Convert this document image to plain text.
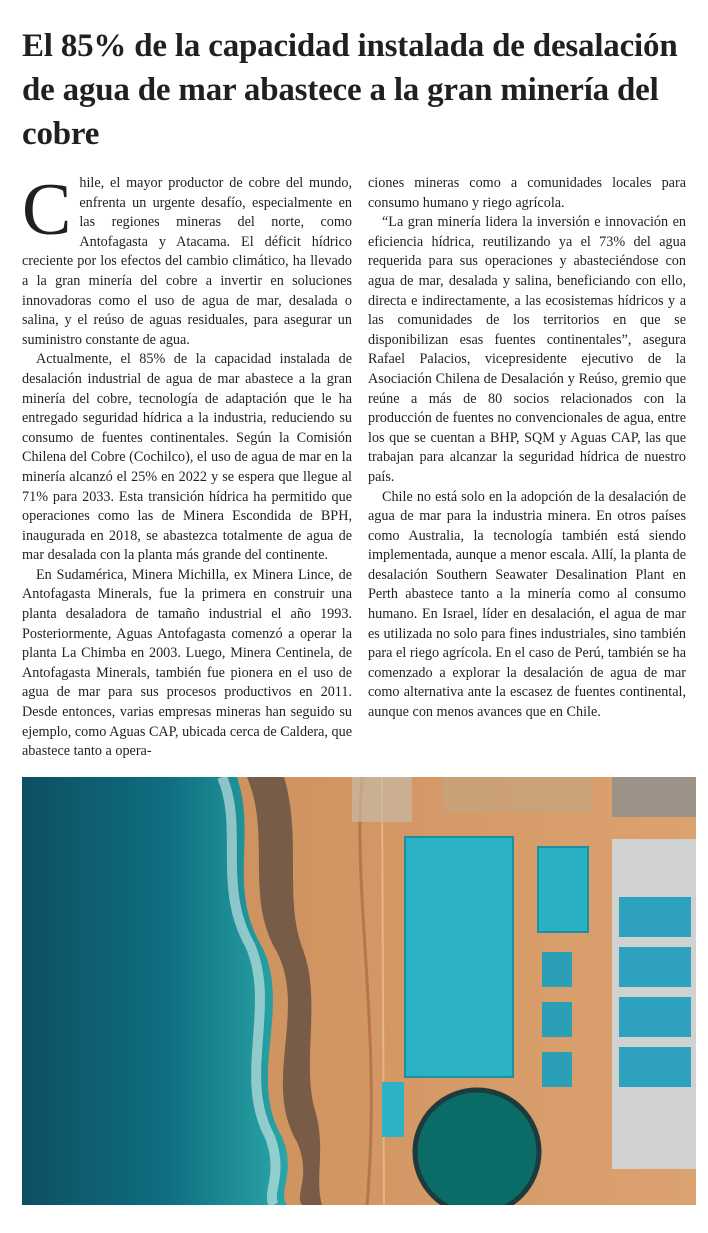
El 85% de la capacidad instalada de desalación de agua de mar abastece a la gran minería del cobre

Chile, el mayor productor de cobre del mundo, enfrenta un urgente desafío, especialmente en las regiones mineras del norte, como Antofagasta y Atacama. El déficit hídrico creciente por los efectos del cambio climático, ha llevado a la gran minería del cobre a invertir en soluciones innovadoras como el uso de agua de mar, desalada o salina, y el reúso de aguas residuales, para asegurar un suministro constante de agua.

Actualmente, el 85% de la capacidad instalada de desalación industrial de agua de mar abastece a la gran minería del cobre, tecnología de adaptación que le ha entregado seguridad hídrica a la industria, reduciendo su consumo de fuentes continentales. Según la Comisión Chilena del Cobre (Cochilco), el uso de agua de mar en la minería alcanzó el 25% en 2022 y se espera que llegue al 71% para 2033. Esta transición hídrica ha permitido que operaciones como las de Minera Escondida de BPH, inaugurada en 2018, se abastezca totalmente de agua de mar desalada con la planta más grande del continente.

En Sudamérica, Minera Michilla, ex Minera Lince, de Antofagasta Minerals, fue la primera en construir una planta desaladora de tamaño industrial el año 1993. Posteriormente, Aguas Antofagasta comenzó a operar la planta La Chimba en 2003. Luego, Minera Centinela, de Antofagasta Minerals, también fue pionera en el uso de agua de mar para sus procesos productivos en 2011. Desde entonces, varias empresas mineras han seguido su ejemplo, como Aguas CAP, ubicada cerca de Caldera, que abastece tanto a opera-

ciones mineras como a comunidades locales para consumo humano y riego agrícola.

“La gran minería lidera la inversión e innovación en eficiencia hídrica, reutilizando ya el 73% del agua requerida para sus operaciones y abasteciéndose con agua de mar, desalada y salina, beneficiando con ello, directa e indirectamente, a las ecosistemas hídricos y a las comunidades de los territorios en que se disponibilizan esas fuentes continentales”, asegura Rafael Palacios, vicepresidente ejecutivo de la Asociación Chilena de Desalación y Reúso, gremio que reúne a más de 80 socios relacionados con la producción de fuentes no convencionales de agua, entre los que se cuentan a BHP, SQM y Aguas CAP, las que trabajan para alcanzar la seguridad hídrica de nuestro país.

Chile no está solo en la adopción de la desalación de agua de mar para la industria minera. En otros países como Australia, la tecnología también está siendo implementada, aunque a menor escala. Allí, la planta de desalación Southern Seawater Desalination Plant en Perth abastece tanto a la minería como al consumo humano. En Israel, líder en desalación, el agua de mar es utilizada no solo para fines industriales, sino también para el riego agrícola. En el caso de Perú, también se ha comenzado a explorar la desalación de agua de mar como alternativa ante la escasez de fuentes continental, aunque con menos avances que en Chile.
